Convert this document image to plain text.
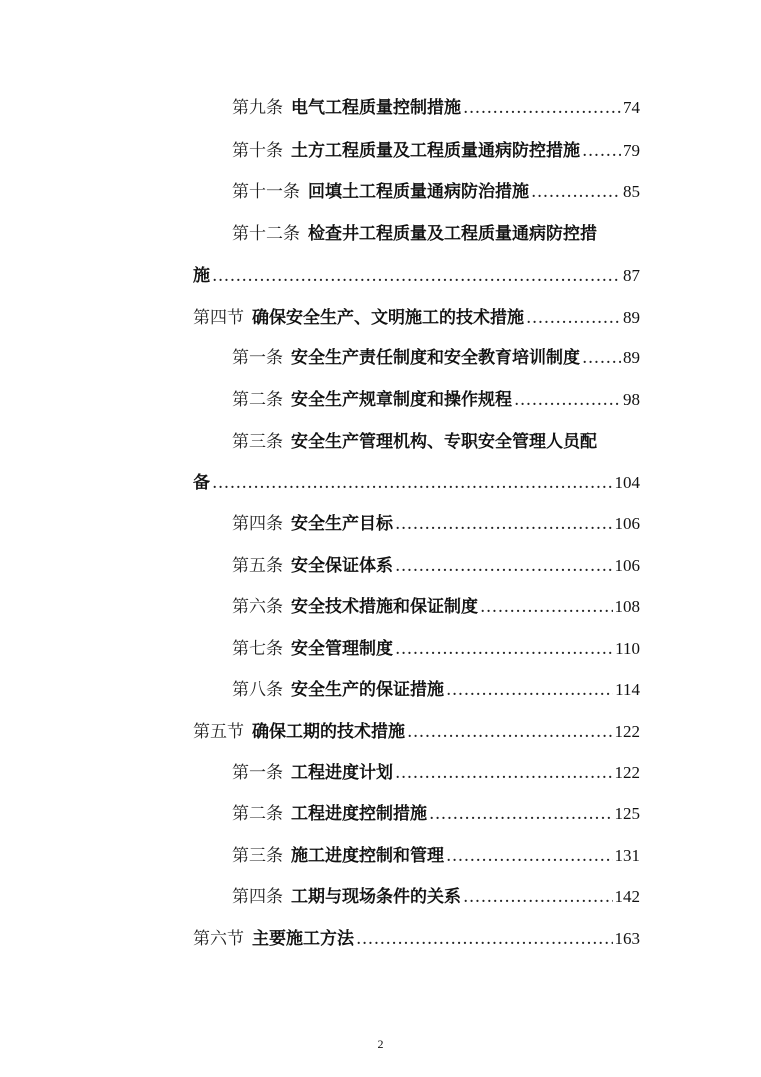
第九条 电气工程质量控制措施 .....	74
第十条 土方工程质量及工程质量通病防控措施 .....	79
第十一条 回填土工程质量通病防治措施 .....	85
第十二条 检查井工程质量及工程质量通病防控措
施 .....	87
第四节 确保安全生产、文明施工的技术措施 .....	89
第一条 安全生产责任制度和安全教育培训制度 .....	89
第二条 安全生产规章制度和操作规程 .....	98
第三条 安全生产管理机构、专职安全管理人员配
备 .....	104
第四条 安全生产目标 .....	106
第五条 安全保证体系 .....	106
第六条 安全技术措施和保证制度 .....	108
第七条 安全管理制度 .....	110
第八条 安全生产的保证措施 .....	114
第五节 确保工期的技术措施 .....	122
第一条 工程进度计划 .....	122
第二条 工程进度控制措施 .....	125
第三条 施工进度控制和管理 .....	131
第四条 工期与现场条件的关系 .....	142
第六节 主要施工方法 .....	163
2
